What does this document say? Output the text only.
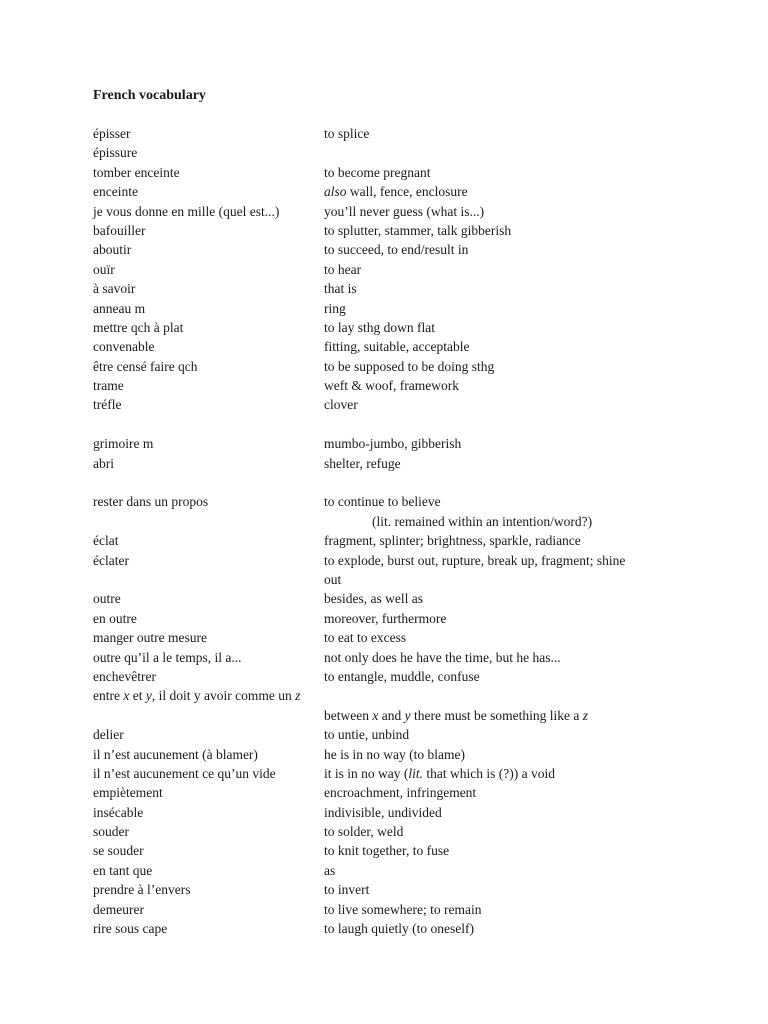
French vocabulary
épisser	to splice
épissure
tomber enceinte	to become pregnant
enceinte	also wall, fence, enclosure
je vous donne en mille (quel est...)	you’ll never guess (what is...)
bafouiller	to splutter, stammer, talk gibberish
aboutir	to succeed, to end/result in
ouïr	to hear
à savoir	that is
anneau m	ring
mettre qch à plat	to lay sthg down flat
convenable	fitting, suitable, acceptable
être censé faire qch	to be supposed to be doing sthg
trame	weft & woof, framework
tréfle	clover
grimoire m	mumbo-jumbo, gibberish
abri	shelter, refuge
rester dans un propos	to continue to believe
(lit. remained within an intention/word?)
éclat	fragment, splinter; brightness, sparkle, radiance
éclater	to explode, burst out, rupture, break up, fragment; shine
out
outre	besides, as well as
en outre	moreover, furthermore
manger outre mesure	to eat to excess
outre qu’il a le temps, il a...	not only does he have the time, but he has...
enchevêtrer	to entangle, muddle, confuse
entre x et y, il doit y avoir comme un z
between x and y there must be something like a z
delier	to untie, unbind
il n’est aucunement (à blamer)	he is in no way (to blame)
il n’est aucunement ce qu’un vide	it is in no way (lit. that which is (?)) a void
empiètement	encroachment, infringement
insécable	indivisible, undivided
souder	to solder, weld
se souder	to knit together, to fuse
en tant que	as
prendre à l’envers	to invert
demeurer	to live somewhere; to remain
rire sous cape	to laugh quietly (to oneself)
